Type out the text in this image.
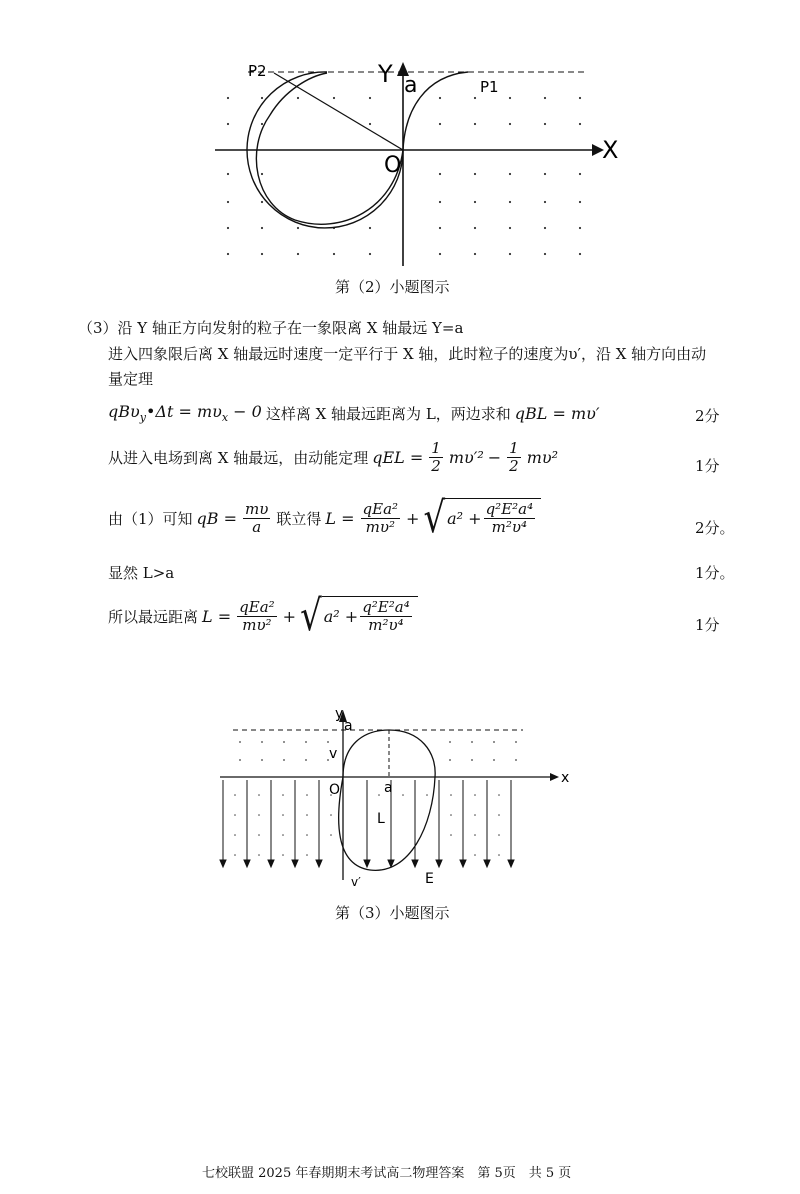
P2
P1
Y a
X
O
第（2）小题图示
（3）沿 Y 轴正方向发射的粒子在一象限离 X 轴最远 Y=a
进入四象限后离 X 轴最远时速度一定平行于 X 轴，此时粒子的速度为υ′，沿 X 轴方向由动
量定理
qBυ$_y$•Δt = $m\upsilon_x - 0$ 这样离 X 轴最远距离为 L，两边求和 qBL = mυ′	2分
从进入电场到离 X 轴最远，由动能定理 qEL = $\frac{1}{2} m\upsilon'^2 - \frac{1}{2} m\upsilon^2$	1分
由（1）可知 qB = $\frac{m\upsilon}{a}$ 联立得 $L = \frac{\text{qEa²}}{\text{mυ²}}$ + √ $a^2 + \frac{\text{q²E²a⁴}}{\text{m²υ⁴}}$	2分。
显然 L>a	1分。
所以最远距离 $L = \frac{\text{qEa²}}{\text{mυ²}}$ + √ $a^2 + \frac{\text{q²E²a⁴}}{\text{m²υ⁴}}$	1分
y
a
v
x
O	a
L
v′	E
第（3）小题图示
七校联盟 2025 年春期期末考试高二物理答案　第 5页　共 5 页
